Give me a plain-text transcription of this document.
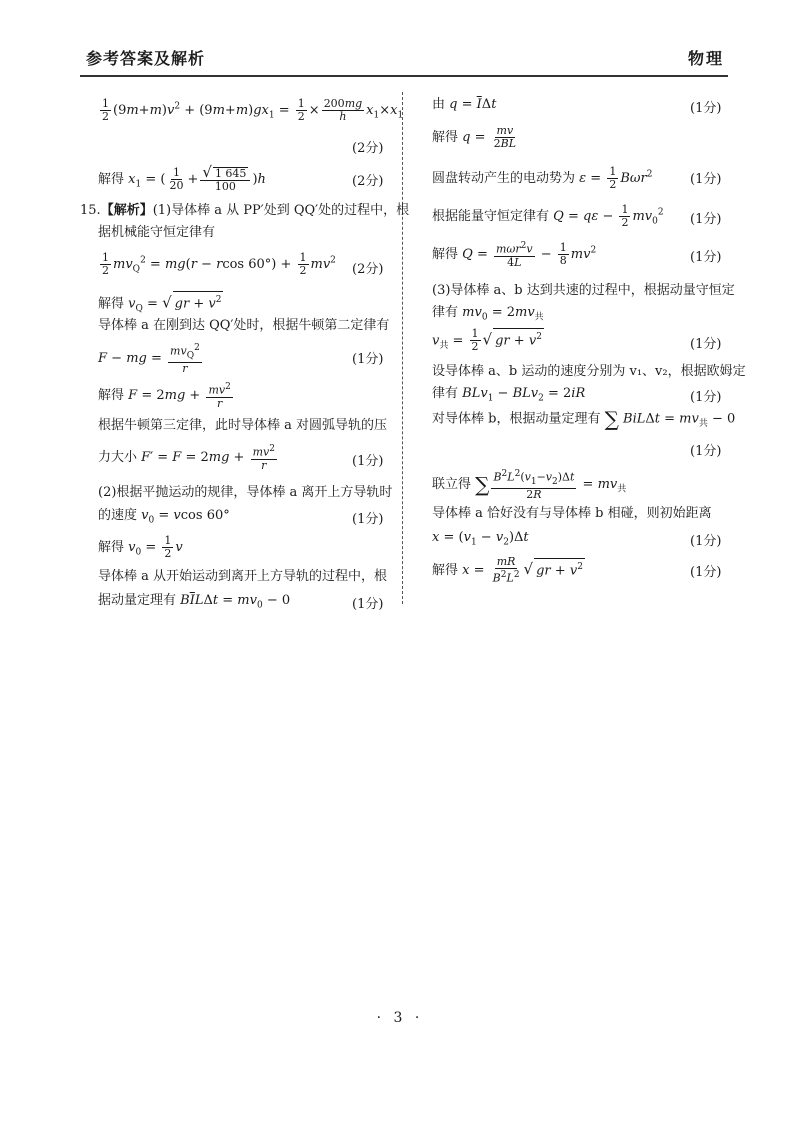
参考答案及解析	物理
$\frac{1}{2} (9m+m)v^2 + (9m+m)gx_1 = \frac{1}{2} \times \frac{200mg}{h} x_1\times x_1$
(2分)
解得 $x_1$ = ( $\frac{1}{20} + \frac{√ 1 645}{100} )h$	(2分)
15.【解析】(1)导体棒 a 从 PP′处到 QQ′处的过程中，根
据机械能守恒定律有
$\frac{1}{2} mv_Q^2 = mg(r - rcos$ $60^\circ) + \frac{1}{2} mv^2$
(2分)
解得 $v_Q$ = √ gr + $v^2$
导体棒 a 在刚到达 QQ′处时，根据牛顿第二定律有
F − mg = $\frac{mv_Q^2}{r}$	(1分)
解得 $F = 2mg + \frac{mv^2}{r}$
根据牛顿第三定律，此时导体棒 a 对圆弧导轨的压
力大小 $F' = F = 2mg + \frac{mv^2}{r}$	(1分)
(2)根据平抛运动的规律，导体棒 a 离开上方导轨时
的速度 $v_0 = vcos$ 60°	(1分)
解得 $v_0 = \frac{1}{2}$ v
导体棒 a 从开始运动到离开上方导轨的过程中，根
据动量定理有 $B\overline{I}L\Delta t = mv_0 - 0$	(1分)
由 $q = \overline{I}\Delta t$	(1分)
解得 $q = \frac{mv}{2BL}$
圆盘转动产生的电动势为 $\varepsilon = \frac{1}{2} B\omega r^2$	(1分)
根据能量守恒定律有 $Q = q\varepsilon - \frac{1}{2} mv_0^2$ (1分)
解得 $Q = \frac{m\omega r^2v}{4L} - \frac{1}{8} mv^2$	(1分)
(3)导体棒 a、b 达到共速的过程中，根据动量守恒定
律有 $mv_0 = 2mv_共$
$v_共 = \frac{1}{2}$ √ gr + $v^2$	(1分)
设导体棒 a、b 运动的速度分别为 v₁、v₂，根据欧姆定
律有 BLv$_1$ − BLv$_2$ = 2iR	(1分)
对导体棒 b，根据动量定理有 ∑ $BiL\Delta t = mv_共 - 0$
(1分)
联立得 ∑ $\frac{B^2L^2(v_1-v_2)\Delta t}{2R} = mv_共$
导体棒 a 恰好没有与导体棒 b 相碰，则初始距离
$x = (v_1 - v_2)\Delta t$	(1分)
解得 $x = \frac{mR}{B^2L^2}$ √ gr + $v^2$	(1分)
· 3 ·
